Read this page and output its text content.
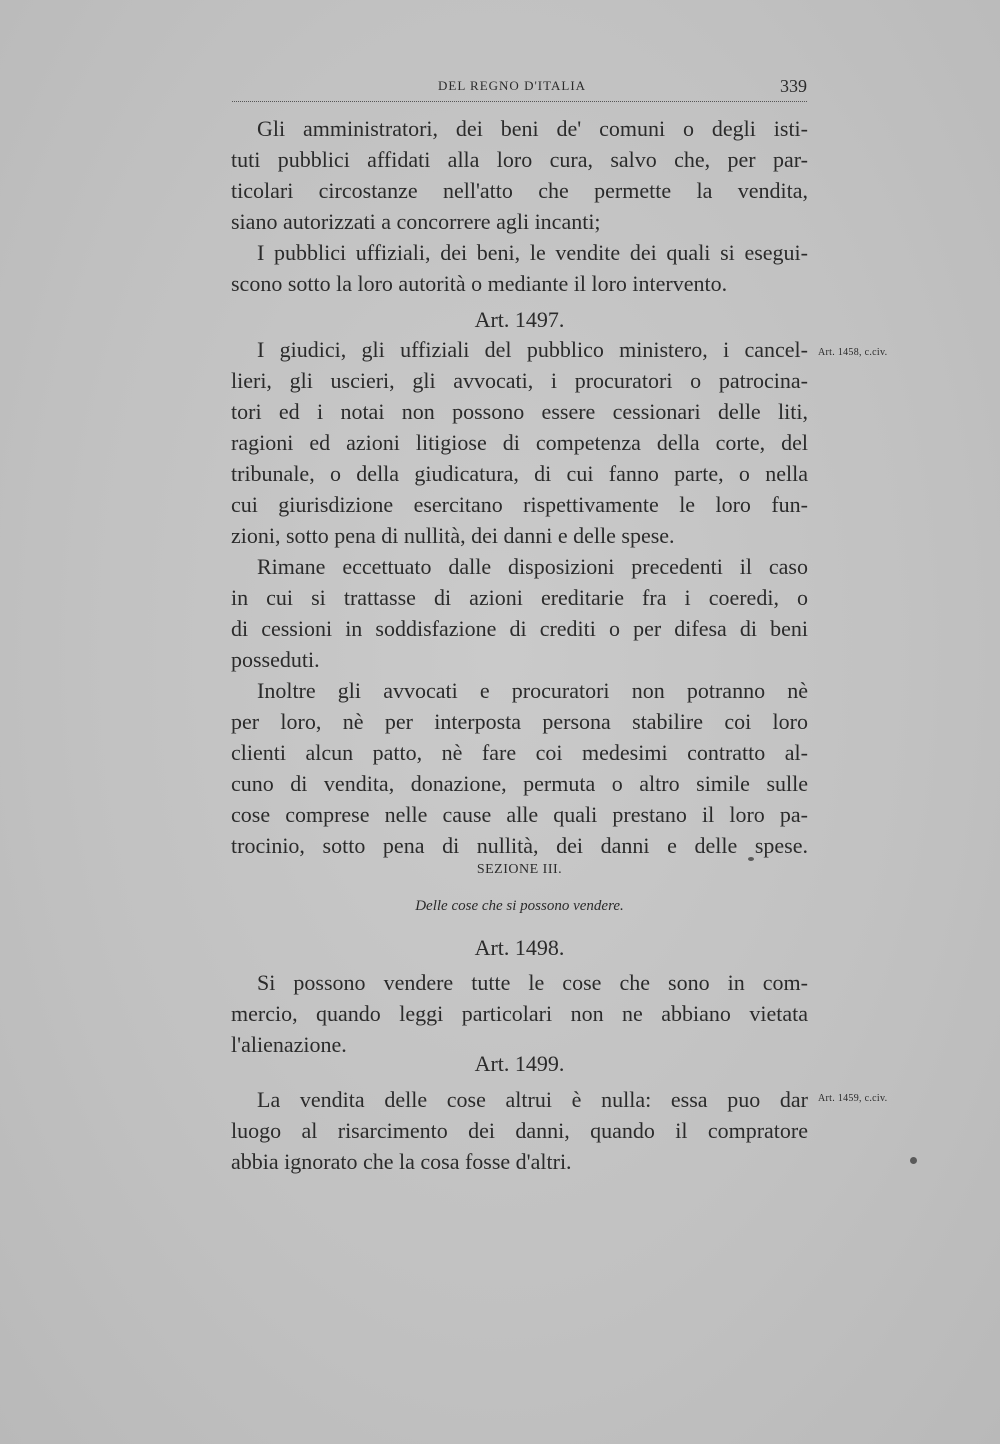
DEL REGNO D'ITALIA	339
Gli amministratori, dei beni de' comuni o degli isti-
tuti pubblici affidati alla loro cura, salvo che, per par-
ticolari circostanze nell'atto che permette la vendita,
siano autorizzati a concorrere agli incanti;
I pubblici uffiziali, dei beni, le vendite dei quali si esegui-
scono sotto la loro autorità o mediante il loro intervento.
Art. 1497.
Art. 1458, c.civ.
I giudici, gli uffiziali del pubblico ministero, i cancel-
lieri, gli uscieri, gli avvocati, i procuratori o patrocina-
tori ed i notai non possono essere cessionari delle liti,
ragioni ed azioni litigiose di competenza della corte, del
tribunale, o della giudicatura, di cui fanno parte, o nella
cui giurisdizione esercitano rispettivamente le loro fun-
zioni, sotto pena di nullità, dei danni e delle spese.
Rimane eccettuato dalle disposizioni precedenti il caso
in cui si trattasse di azioni ereditarie fra i coeredi, o
di cessioni in soddisfazione di crediti o per difesa di beni
posseduti.
Inoltre gli avvocati e procuratori non potranno nè
per loro, nè per interposta persona stabilire coi loro
clienti alcun patto, nè fare coi medesimi contratto al-
cuno di vendita, donazione, permuta o altro simile sulle
cose comprese nelle cause alle quali prestano il loro pa-
trocinio, sotto pena di nullità, dei danni e delle spese.
SEZIONE III.
Delle cose che si possono vendere.
Art. 1498.
Si possono vendere tutte le cose che sono in com-
mercio, quando leggi particolari non ne abbiano vietata
l'alienazione.
Art. 1499.
Art. 1459, c.civ.
La vendita delle cose altrui è nulla: essa puo dar
luogo al risarcimento dei danni, quando il compratore
abbia ignorato che la cosa fosse d'altri.
